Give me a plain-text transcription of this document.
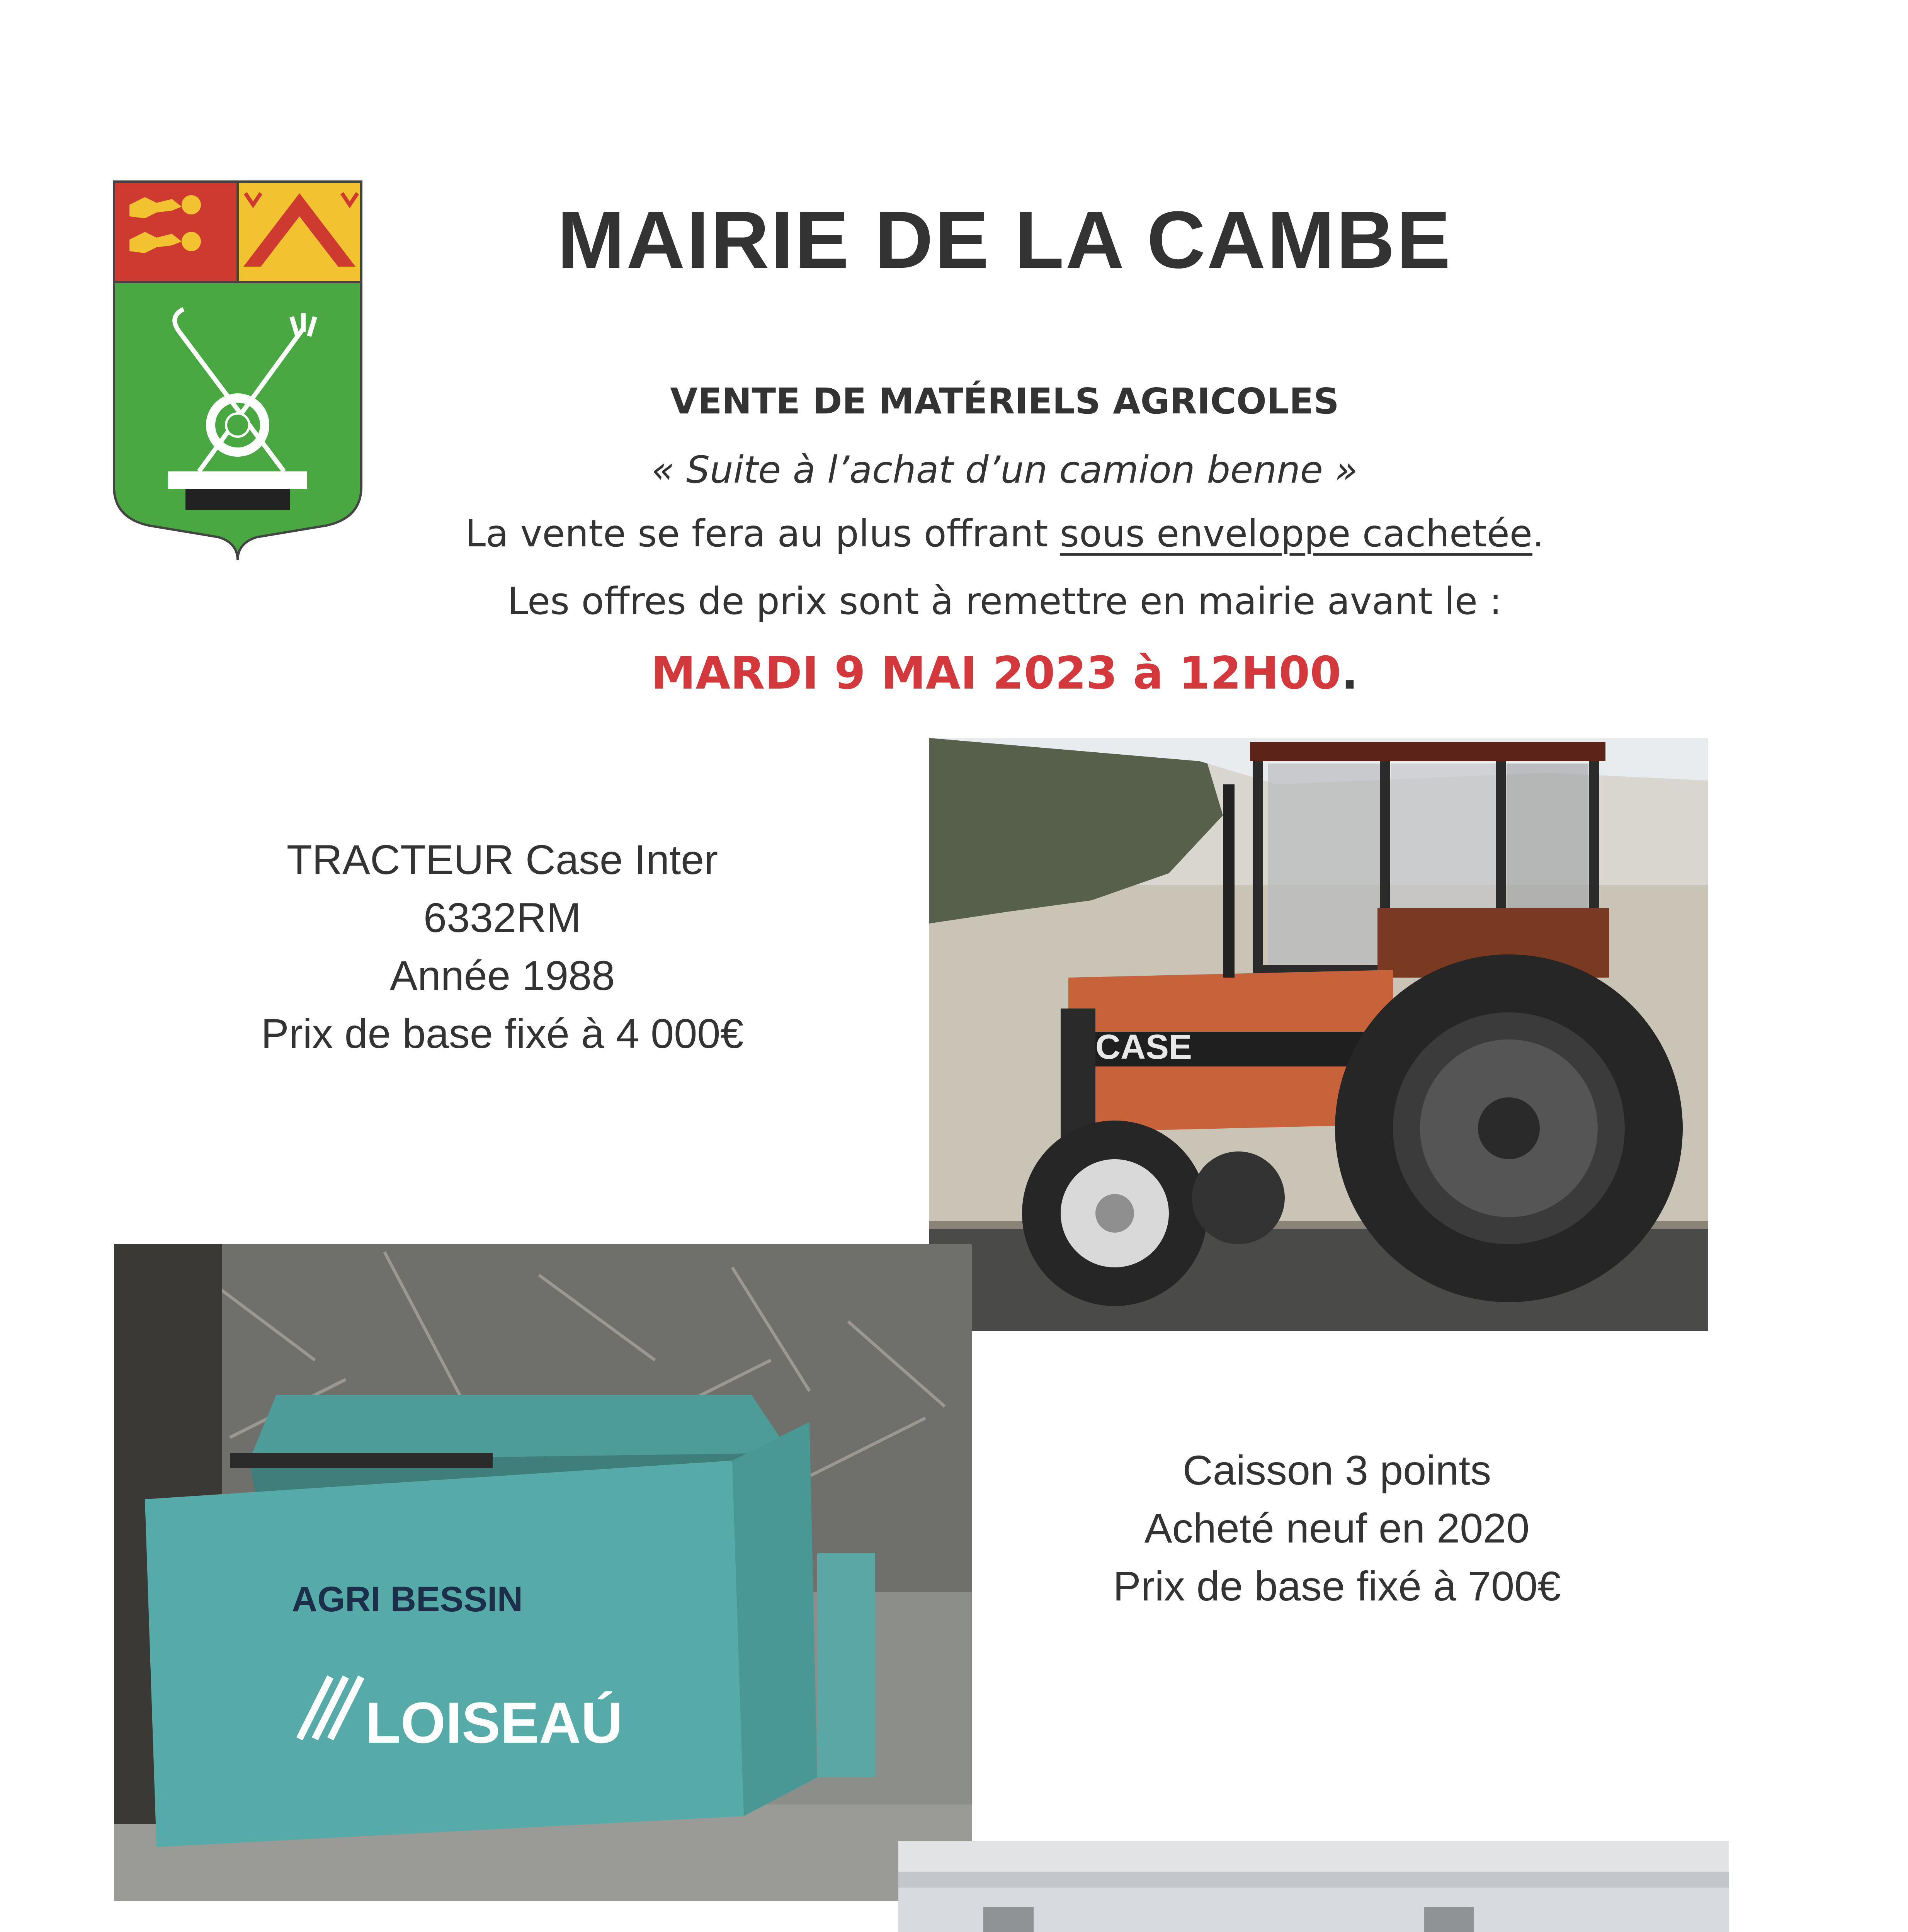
MAIRIE DE LA CAMBE
VENTE DE MATÉRIELS AGRICOLES
« Suite à l’achat d’un camion benne »
La vente se fera au plus offrant sous enveloppe cachetée.
Les offres de prix sont à remettre en mairie avant le :
MARDI 9 MAI 2023 à 12H00.
TRACTEUR Case Inter
6332RM
Année 1988
Prix de base fixé à 4 000€	CASE
AGRI BESSIN
LOISEAÚ
Caisson 3 points
Acheté neuf en 2020
Prix de base fixé à 700€
